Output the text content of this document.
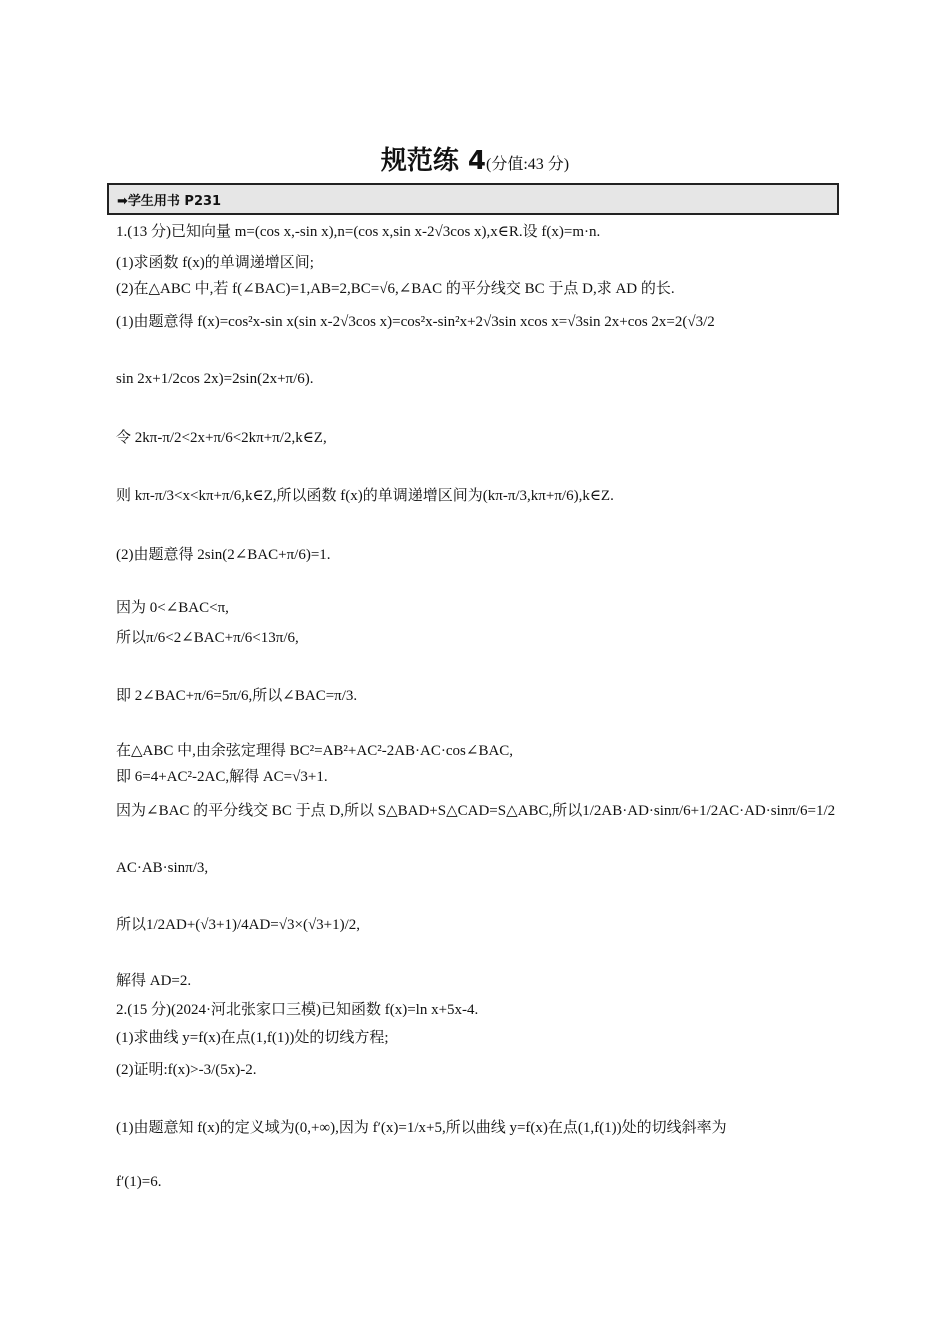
规范练 4(分值:43 分)
➡学生用书 P231
1.(13 分)已知向量 m=(cos x,-sin x),n=(cos x,sin x-2√3cos x),x∈R.设 f(x)=m·n.
(1)求函数 f(x)的单调递增区间;
(2)在△ABC 中,若 f(∠BAC)=1,AB=2,BC=√6,∠BAC 的平分线交 BC 于点 D,求 AD 的长.
(1)由题意得 f(x)=cos²x-sin x(sin x-2√3cos x)=cos²x-sin²x+2√3sin xcos x=√3sin 2x+cos 2x=2(√3/2
sin 2x+1/2cos 2x)=2sin(2x+π/6).
令 2kπ-π/2<2x+π/6<2kπ+π/2,k∈Z,
则 kπ-π/3<x<kπ+π/6,k∈Z,所以函数 f(x)的单调递增区间为(kπ-π/3,kπ+π/6),k∈Z.
(2)由题意得 2sin(2∠BAC+π/6)=1.
因为 0<∠BAC<π,
所以π/6<2∠BAC+π/6<13π/6,
即 2∠BAC+π/6=5π/6,所以∠BAC=π/3.
在△ABC 中,由余弦定理得 BC²=AB²+AC²-2AB·AC·cos∠BAC,
即 6=4+AC²-2AC,解得 AC=√3+1.
因为∠BAC 的平分线交 BC 于点 D,所以 S△BAD+S△CAD=S△ABC,所以1/2AB·AD·sinπ/6+1/2AC·AD·sinπ/6=1/2
AC·AB·sinπ/3,
所以1/2AD+(√3+1)/4AD=√3×(√3+1)/2,
解得 AD=2.
2.(15 分)(2024·河北张家口三模)已知函数 f(x)=ln x+5x-4.
(1)求曲线 y=f(x)在点(1,f(1))处的切线方程;
(2)证明:f(x)>-3/(5x)-2.
(1)由题意知 f(x)的定义域为(0,+∞),因为 f′(x)=1/x+5,所以曲线 y=f(x)在点(1,f(1))处的切线斜率为
f′(1)=6.
